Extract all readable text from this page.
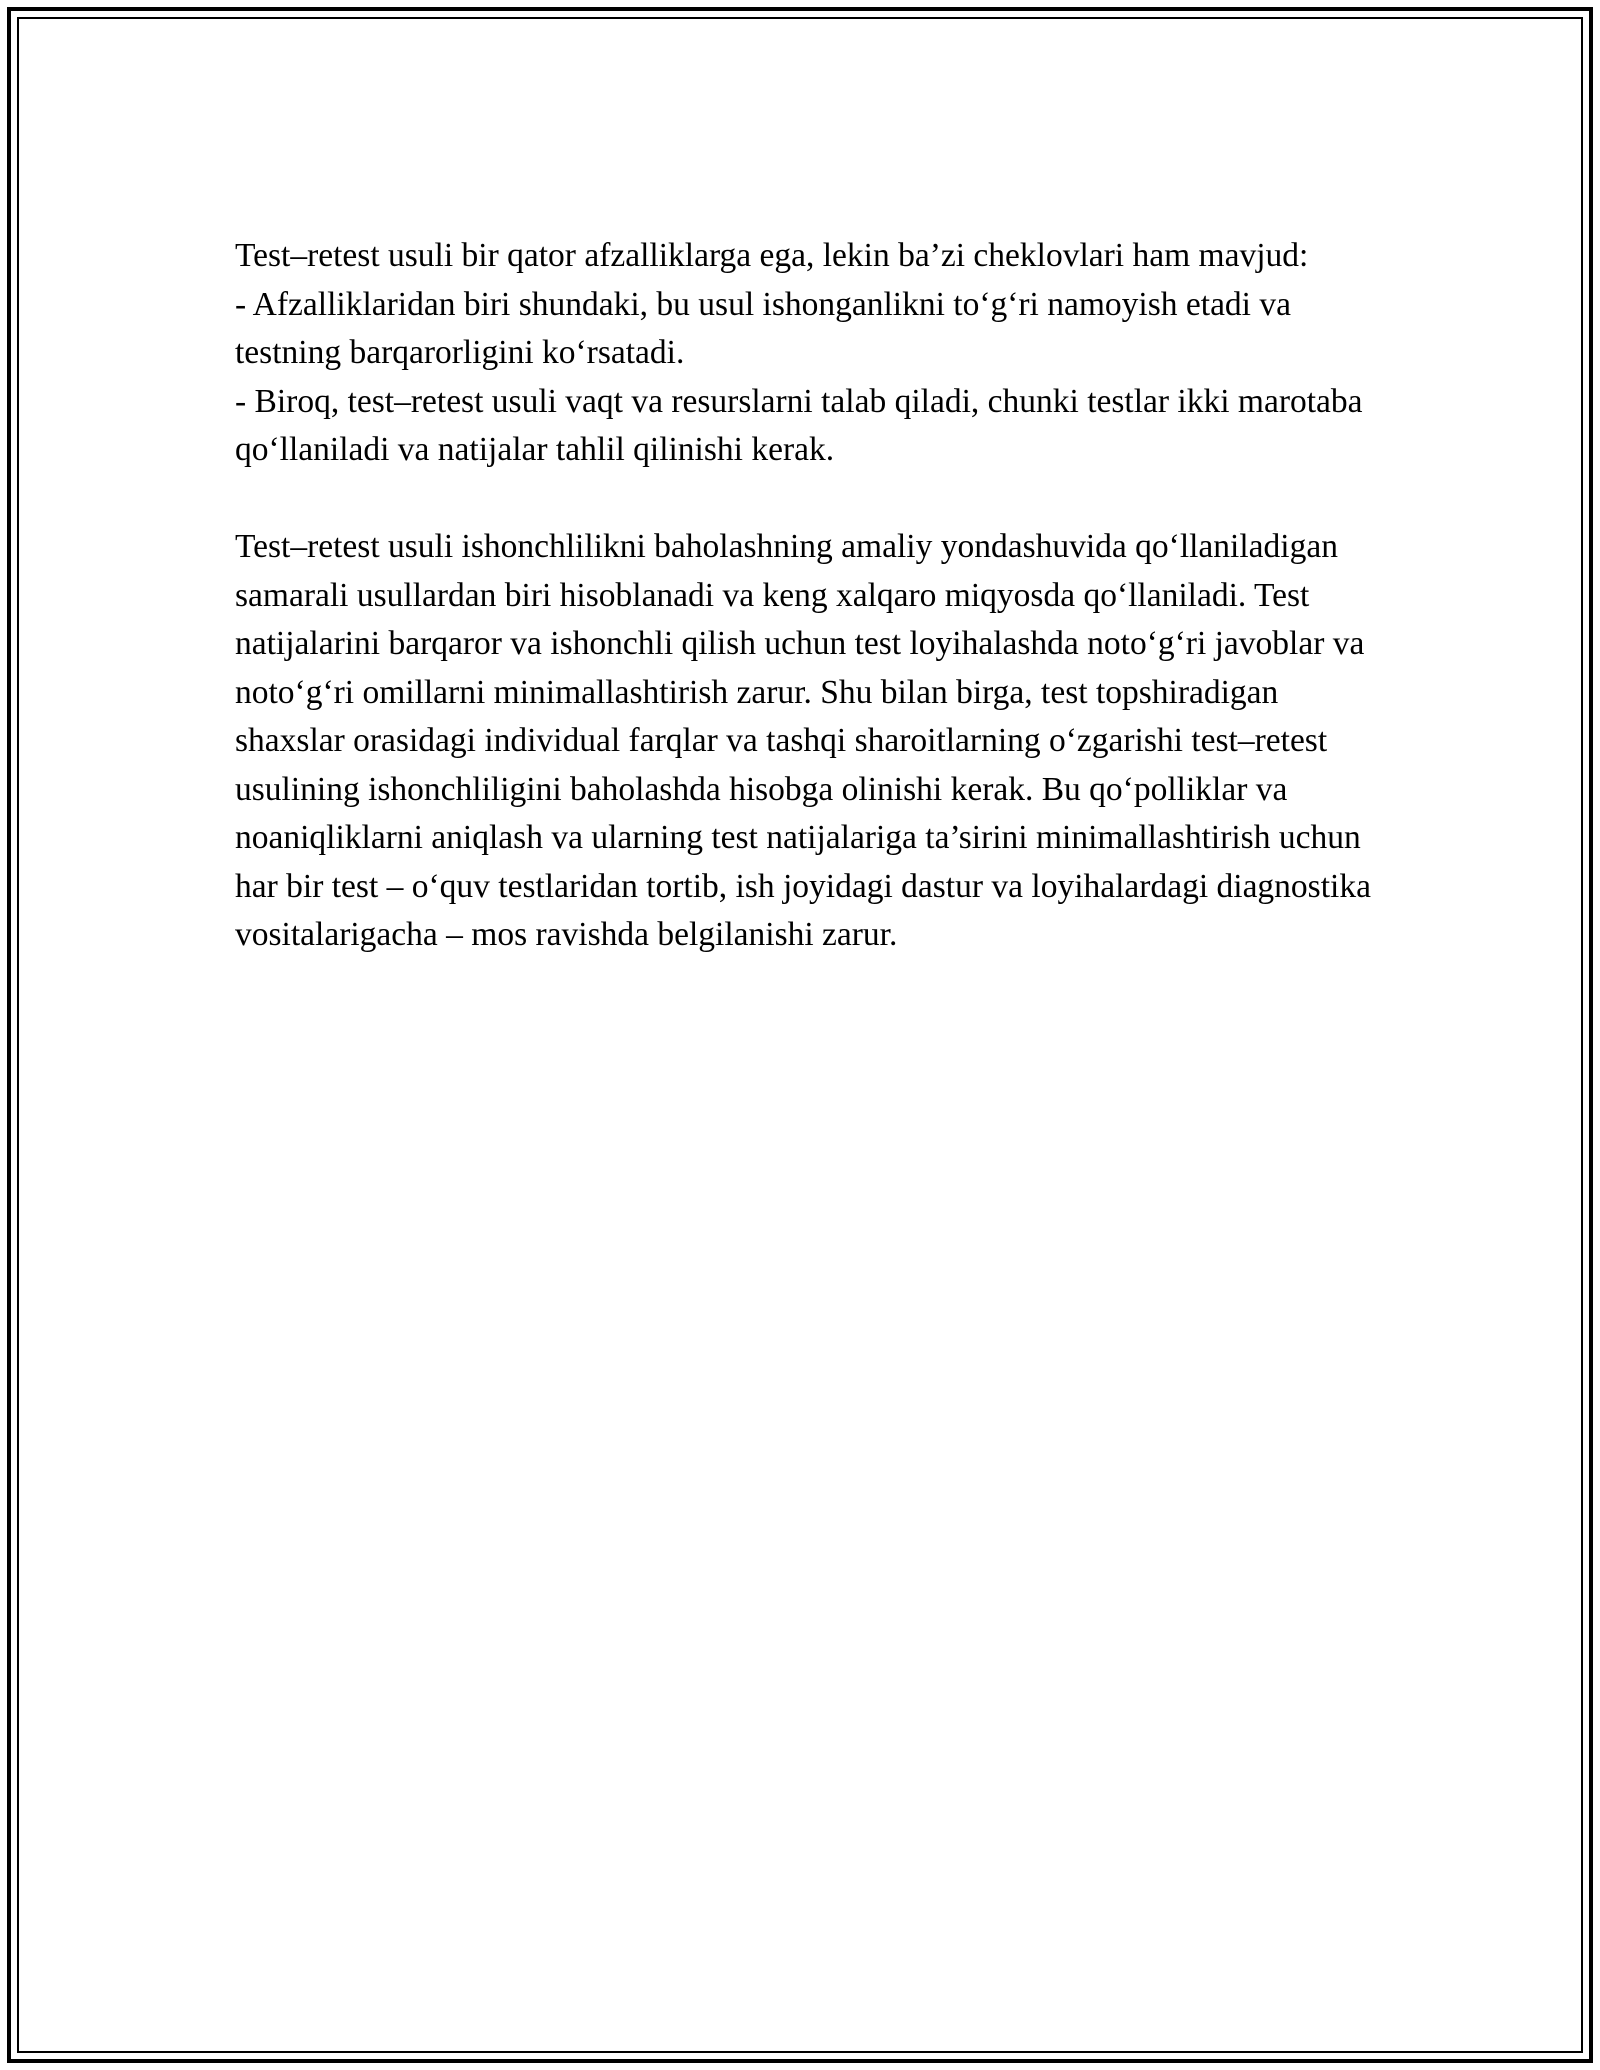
Test–retest usuli bir qator afzalliklarga ega, lekin ba’zi cheklovlari ham mavjud:

- Afzalliklaridan biri shundaki, bu usul ishonganlikni to‘g‘ri namoyish etadi va testning barqarorligini ko‘rsatadi.

- Biroq, test–retest usuli vaqt va resurslarni talab qiladi, chunki testlar ikki marotaba qo‘llaniladi va natijalar tahlil qilinishi kerak.

Test–retest usuli ishonchlilikni baholashning amaliy yondashuvida qo‘llaniladigan samarali usullardan biri hisoblanadi va keng xalqaro miqyosda qo‘llaniladi. Test natijalarini barqaror va ishonchli qilish uchun test loyihalashda noto‘g‘ri javoblar va noto‘g‘ri omillarni minimallashtirish zarur. Shu bilan birga, test topshiradigan shaxslar orasidagi individual farqlar va tashqi sharoitlarning o‘zgarishi test–retest usulining ishonchliligini baholashda hisobga olinishi kerak. Bu qo‘polliklar va noaniqliklarni aniqlash va ularning test natijalariga ta’sirini minimallashtirish uchun har bir test – o‘quv testlaridan tortib, ish joyidagi dastur va loyihalardagi diagnostika vositalarigacha – mos ravishda belgilanishi zarur.
